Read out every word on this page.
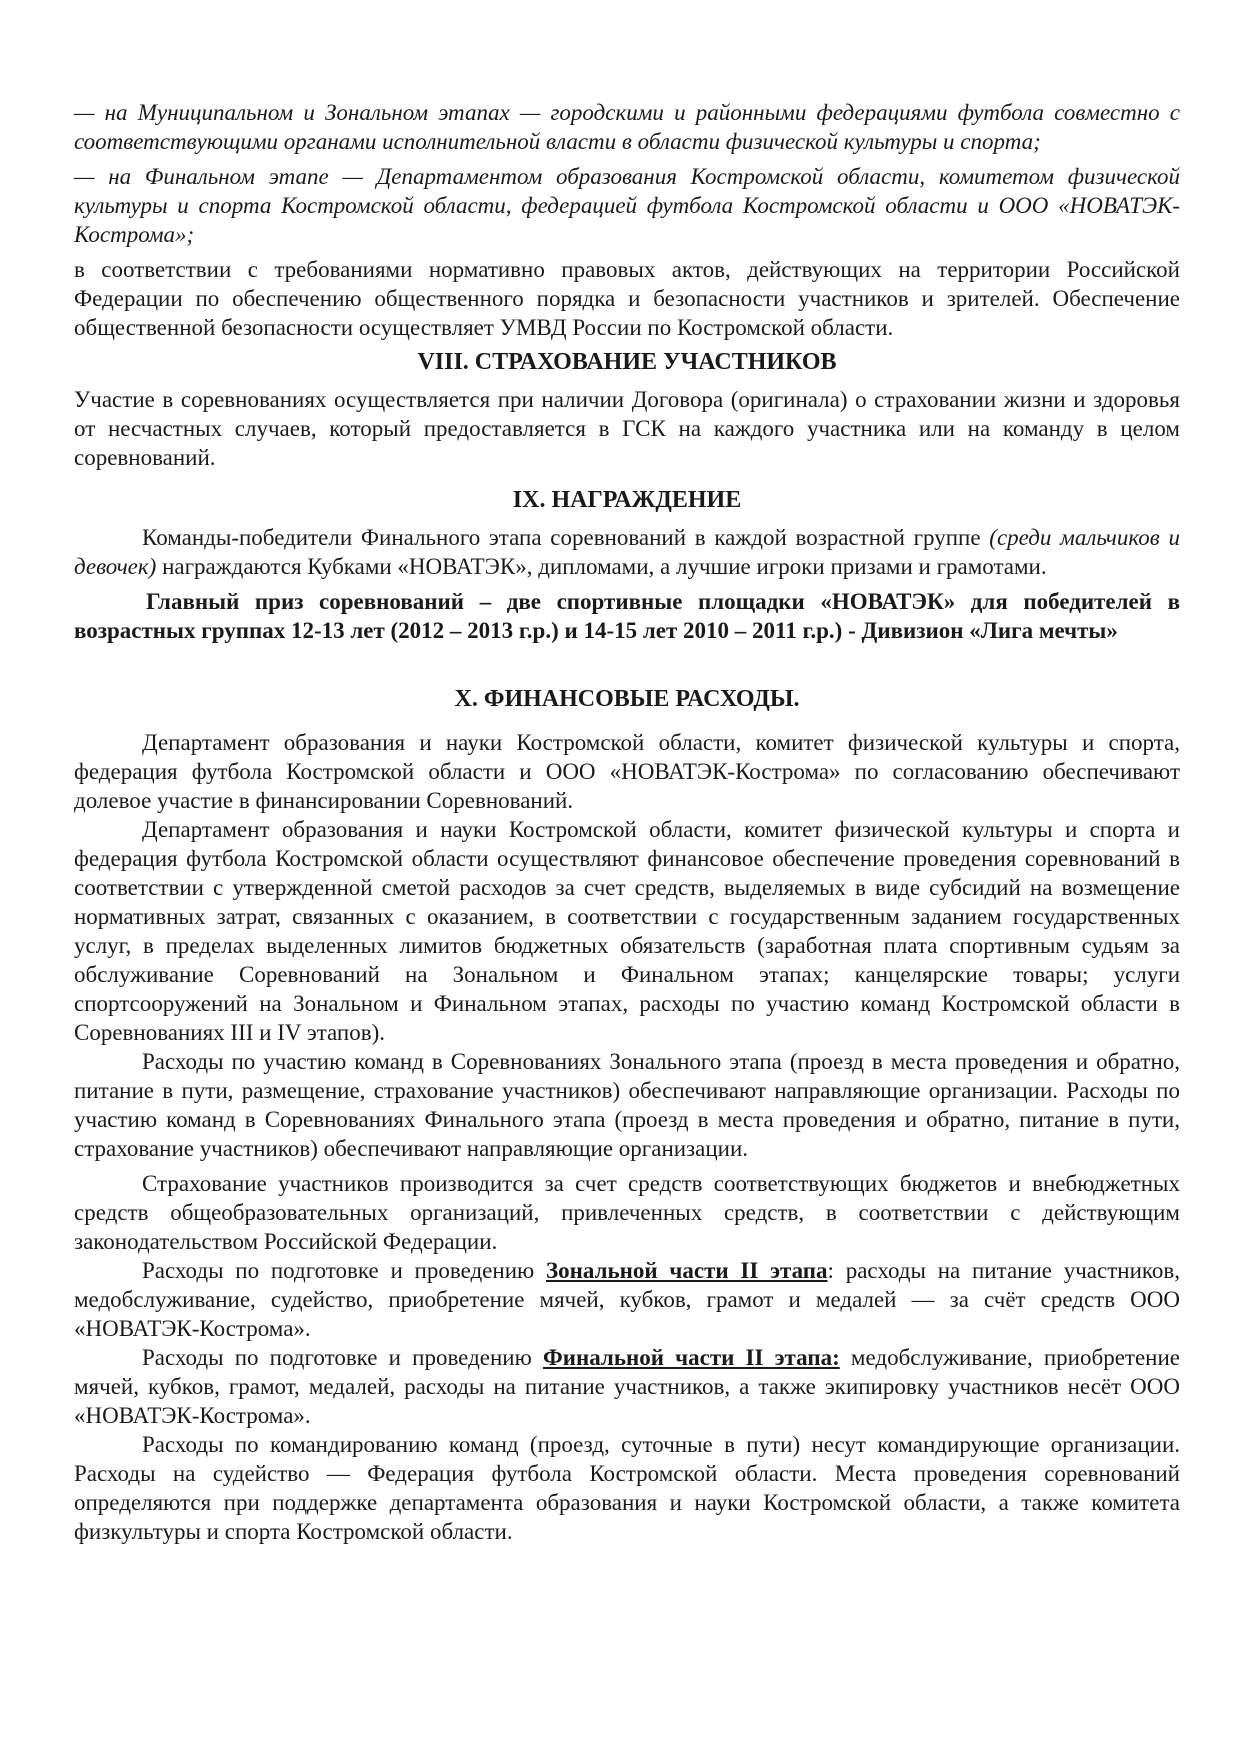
— на Муниципальном и Зональном этапах — городскими и районными федерациями футбола совместно с соответствующими органами исполнительной власти в области физической культуры и спорта;

— на Финальном этапе — Департаментом образования Костромской области, комитетом физической культуры и спорта Костромской области, федерацией футбола Костромской области и ООО «НОВАТЭК-Кострома»;

в соответствии с требованиями нормативно правовых актов, действующих на территории Российской Федерации по обеспечению общественного порядка и безопасности участников и зрителей. Обеспечение общественной безопасности осуществляет УМВД России по Костромской области.

VIII. СТРАХОВАНИЕ УЧАСТНИКОВ

Участие в соревнованиях осуществляется при наличии Договора (оригинала) о страховании жизни и здоровья от несчастных случаев, который предоставляется в ГСК на каждого участника или на команду в целом соревнований.

IX. НАГРАЖДЕНИЕ

Команды-победители Финального этапа соревнований в каждой возрастной группе (среди мальчиков и девочек) награждаются Кубками «НОВАТЭК», дипломами, а лучшие игроки призами и грамотами.

Главный приз соревнований – две спортивные площадки «НОВАТЭК» для победителей в возрастных группах 12-13 лет (2012 – 2013 г.р.) и 14-15 лет 2010 – 2011 г.р.) - Дивизион «Лига мечты»

X. ФИНАНСОВЫЕ РАСХОДЫ.

Департамент образования и науки Костромской области, комитет физической культуры и спорта, федерация футбола Костромской области и ООО «НОВАТЭК-Кострома» по согласованию обеспечивают долевое участие в финансировании Соревнований.

Департамент образования и науки Костромской области, комитет физической культуры и спорта и федерация футбола Костромской области осуществляют финансовое обеспечение проведения соревнований в соответствии с утвержденной сметой расходов за счет средств, выделяемых в виде субсидий на возмещение нормативных затрат, связанных с оказанием, в соответствии с государственным заданием государственных услуг, в пределах выделенных лимитов бюджетных обязательств (заработная плата спортивным судьям за обслуживание Соревнований на Зональном и Финальном этапах; канцелярские товары; услуги спортсооружений на Зональном и Финальном этапах, расходы по участию команд Костромской области в Соревнованиях III и IV этапов).

Расходы по участию команд в Соревнованиях Зонального этапа (проезд в места проведения и обратно, питание в пути, размещение, страхование участников) обеспечивают направляющие организации. Расходы по участию команд в Соревнованиях Финального этапа (проезд в места проведения и обратно, питание в пути, страхование участников) обеспечивают направляющие организации.

Страхование участников производится за счет средств соответствующих бюджетов и внебюджетных средств общеобразовательных организаций, привлеченных средств, в соответствии с действующим законодательством Российской Федерации.

Расходы по подготовке и проведению Зональной части II этапа: расходы на питание участников, медобслуживание, судейство, приобретение мячей, кубков, грамот и медалей — за счёт средств ООО «НОВАТЭК-Кострома».

Расходы по подготовке и проведению Финальной части II этапа: медобслуживание, приобретение мячей, кубков, грамот, медалей, расходы на питание участников, а также экипировку участников несёт ООО «НОВАТЭК-Кострома».

Расходы по командированию команд (проезд, суточные в пути) несут командирующие организации. Расходы на судейство — Федерация футбола Костромской области. Места проведения соревнований определяются при поддержке департамента образования и науки Костромской области, а также комитета физкультуры и спорта Костромской области.
